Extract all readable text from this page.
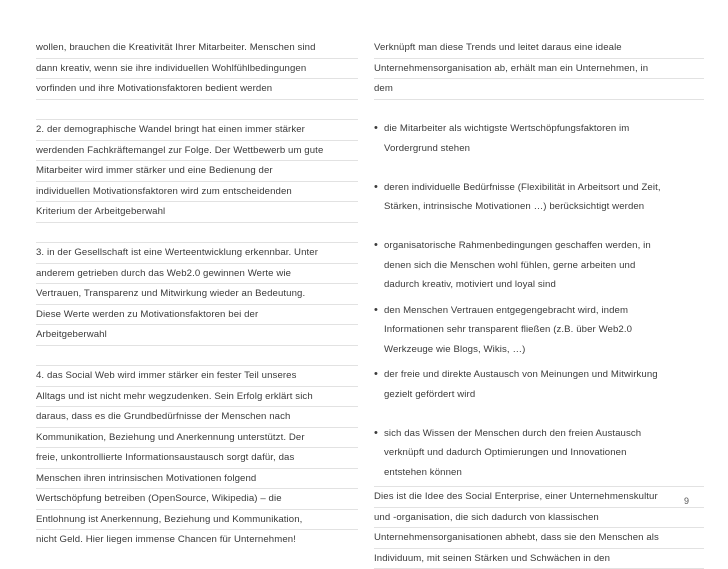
wollen, brauchen die Kreativität Ihrer Mitarbeiter. Menschen sind
dann kreativ, wenn sie ihre individuellen Wohlfühlbedingungen
vorfinden und ihre Motivationsfaktoren bedient werden
2. der demographische Wandel bringt hat einen immer stärker
werdenden Fachkräftemangel zur Folge. Der Wettbewerb um gute
Mitarbeiter wird immer stärker und eine Bedienung der
individuellen Motivationsfaktoren wird zum entscheidenden
Kriterium der Arbeitgeberwahl
3. in der Gesellschaft ist eine Werteentwicklung erkennbar. Unter
anderem getrieben durch das Web2.0 gewinnen Werte wie
Vertrauen, Transparenz und Mitwirkung wieder an Bedeutung.
Diese Werte werden zu Motivationsfaktoren bei der
Arbeitgeberwahl
4. das Social Web wird immer stärker ein fester Teil unseres
Alltags und ist nicht mehr wegzudenken. Sein Erfolg erklärt sich
daraus, dass es die Grundbedürfnisse der Menschen nach
Kommunikation, Beziehung und Anerkennung unterstützt. Der
freie, unkontrollierte Informationsaustausch sorgt dafür, das
Menschen ihren intrinsischen Motivationen folgend
Wertschöpfung betreiben (OpenSource, Wikipedia) – die
Entlohnung ist Anerkennung, Beziehung und Kommunikation,
nicht Geld. Hier liegen immense Chancen für Unternehmen!
Verknüpft man diese Trends und leitet daraus eine ideale
Unternehmensorganisation ab, erhält man ein Unternehmen, in
dem
• die Mitarbeiter als wichtigste Wertschöpfungsfaktoren im
Vordergrund stehen
• deren individuelle Bedürfnisse (Flexibilität in Arbeitsort und Zeit,
Stärken, intrinsische Motivationen …) berücksichtigt werden
• organisatorische Rahmenbedingungen geschaffen werden, in
denen sich die Menschen wohl fühlen, gerne arbeiten und
dadurch kreativ, motiviert und loyal sind
• den Menschen Vertrauen entgegengebracht wird, indem
Informationen sehr transparent fließen (z.B. über Web2.0
Werkzeuge wie Blogs, Wikis, …)
• der freie und direkte Austausch von Meinungen und Mitwirkung
gezielt gefördert wird
• sich das Wissen der Menschen durch den freien Austausch
verknüpft und dadurch Optimierungen und Innovationen
entstehen können
Dies ist die Idee des Social Enterprise, einer Unternehmenskultur
und -organisation, die sich dadurch von klassischen
Unternehmensorganisationen abhebt, dass sie den Menschen als
Individuum, mit seinen Stärken und Schwächen in den
9
